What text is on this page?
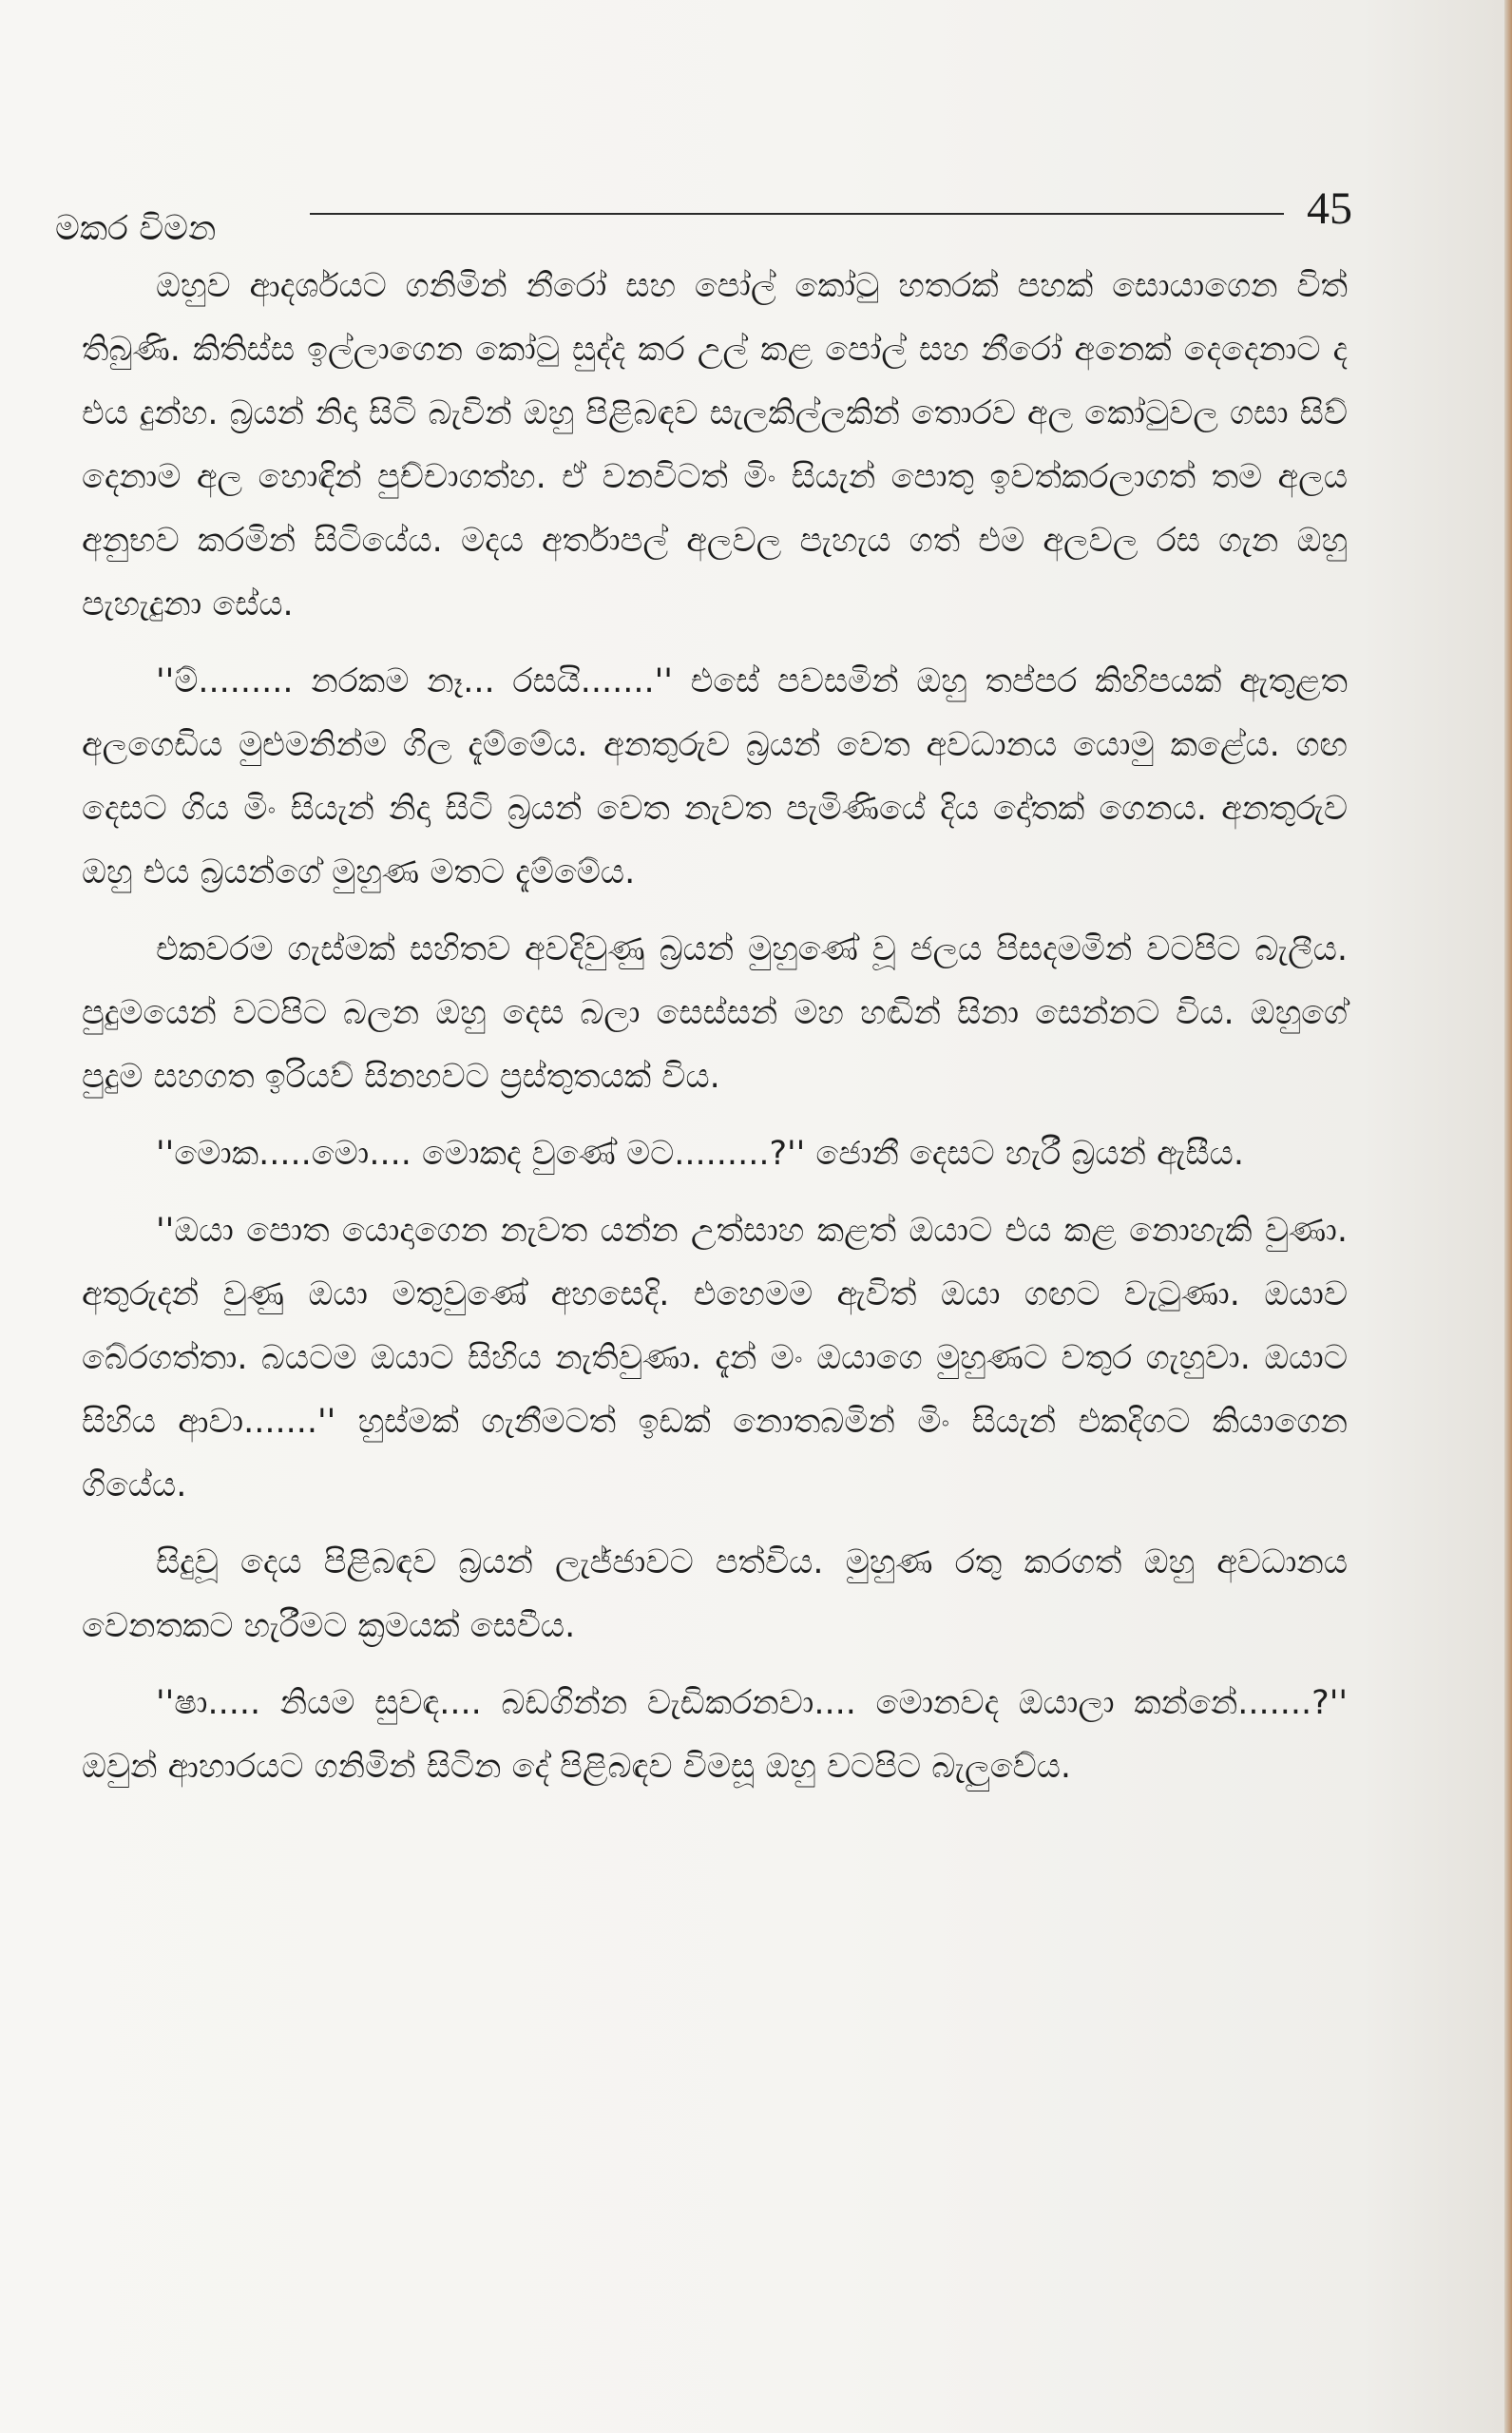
මකර විමන	45

ඔහුව ආදර්ශයට ගනිමින් නීරෝ සහ පෝල් කෝටු හතරක් පහක් සොයාගෙන විත් තිබුණි. කිතිස්ස ඉල්ලාගෙන කෝටු සුද්ද කර උල් කළ පෝල් සහ නීරෝ අනෙක් දෙදෙනාට ද එය දුන්හ. බ්‍රයන් නිදා සිටි බැවින් ඔහු පිළිබඳව සැලකිල්ලකින් තොරව අල කෝටුවල ගසා සිව් දෙනාම අල හොඳින් පුච්චාගත්හ. ඒ වනවිටත් මිං සියැන් පොතු ඉවත්කරලාගත් තම අලය අනුභව කරමින් සිටියේය. මදය අර්තාපල් අලවල පැහැය ගත් එම අලවල රස ගැන ඔහු පැහැදුනා සේය.

''ම්......... නරකම නෑ... රසයි.......'' එසේ පවසමින් ඔහු තප්පර කිහිපයක් ඇතුළත අලගෙඩිය මුළුමනින්ම ගිල දැම්මේය. අනතුරුව බ්‍රයන් වෙත අවධානය යොමු කළේය. ගඟ දෙසට ගිය මිං සියැන් නිදා සිටි බ්‍රයන් වෙත නැවත පැමිණියේ දිය දෝතක් ගෙනය. අනතුරුව ඔහු එය බ්‍රයන්ගේ මුහුණ මතට දැම්මේය.

එකවරම ගැස්මක් සහිතව අවදිවුණු බ්‍රයන් මුහුණේ වූ ජලය පිසදමමින් වටපිට බැලීය. පුදුමයෙන් වටපිට බලන ඔහු දෙස බලා සෙස්සන් මහ හඬින් සිනා සෙන්නට විය. ඔහුගේ පුදුම සහගත ඉරියව් සිනහවට ප්‍රස්තුතයක් විය.

''මොක.....මො.... මොකද වුණේ මට.........?'' ජොනී දෙසට හැරී බ්‍රයන් ඇසීය.

''ඔයා පොත යොදාගෙන නැවත යන්න උත්සාහ කළත් ඔයාට එය කළ නොහැකි වුණා. අතුරුදන් වුණු ඔයා මතුවුණේ අහසෙදි. එහෙමම ඇවිත් ඔයා ගඟට වැටුණා. ඔයාව බේරගත්තා. බයටම ඔයාට සිහිය නැතිවුණා. දැන් මං ඔයාගෙ මුහුණට වතුර ගැහුවා. ඔයාට සිහිය ආවා.......'' හුස්මක් ගැනීමටත් ඉඩක් නොතබමින් මිං සියැන් එකදිගට කියාගෙන ගියේය.

සිදුවූ දෙය පිළිබඳව බ්‍රයන් ලැජ්ජාවට පත්විය. මුහුණ රතු කරගත් ඔහු අවධානය වෙනතකට හැරීමට ක්‍රමයක් සෙවීය.

''ෂා..... නියම සුවඳ.... බඩගින්න වැඩිකරනවා.... මොනවද ඔයාලා කන්නේ.......?'' ඔවුන් ආහාරයට ගනිමින් සිටින දේ පිළිබඳව විමසූ ඔහු වටපිට බැලුවේය.
